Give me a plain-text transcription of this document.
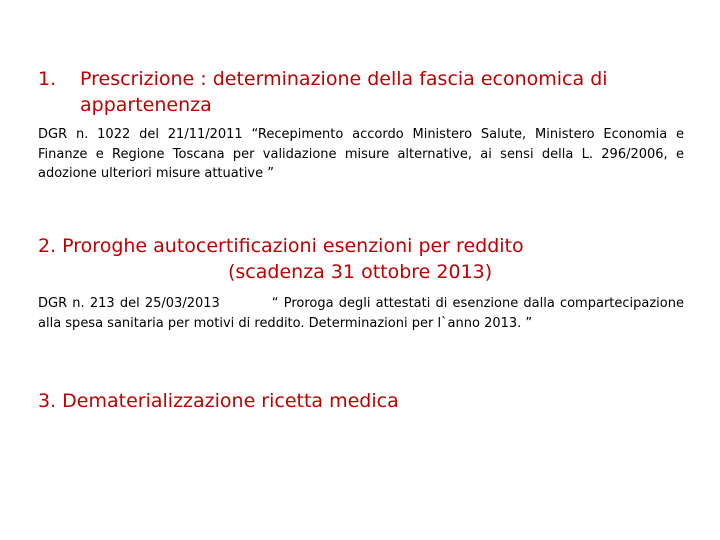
1. Prescrizione : determinazione della fascia economica di
appartenenza

DGR n. 1022 del 21/11/2011 “Recepimento accordo Ministero Salute, Ministero Economia e Finanze e Regione Toscana per validazione misure alternative, ai sensi della L. 296/2006, e adozione ulteriori misure attuative ”

2. Proroghe autocertificazioni esenzioni per reddito
(scadenza 31 ottobre 2013)

DGR n. 213 del 25/03/2013	“ Proroga degli attestati di esenzione dalla compartecipazione alla spesa sanitaria per motivi di reddito. Determinazioni per l`anno 2013. ”

3. Dematerializzazione ricetta medica
